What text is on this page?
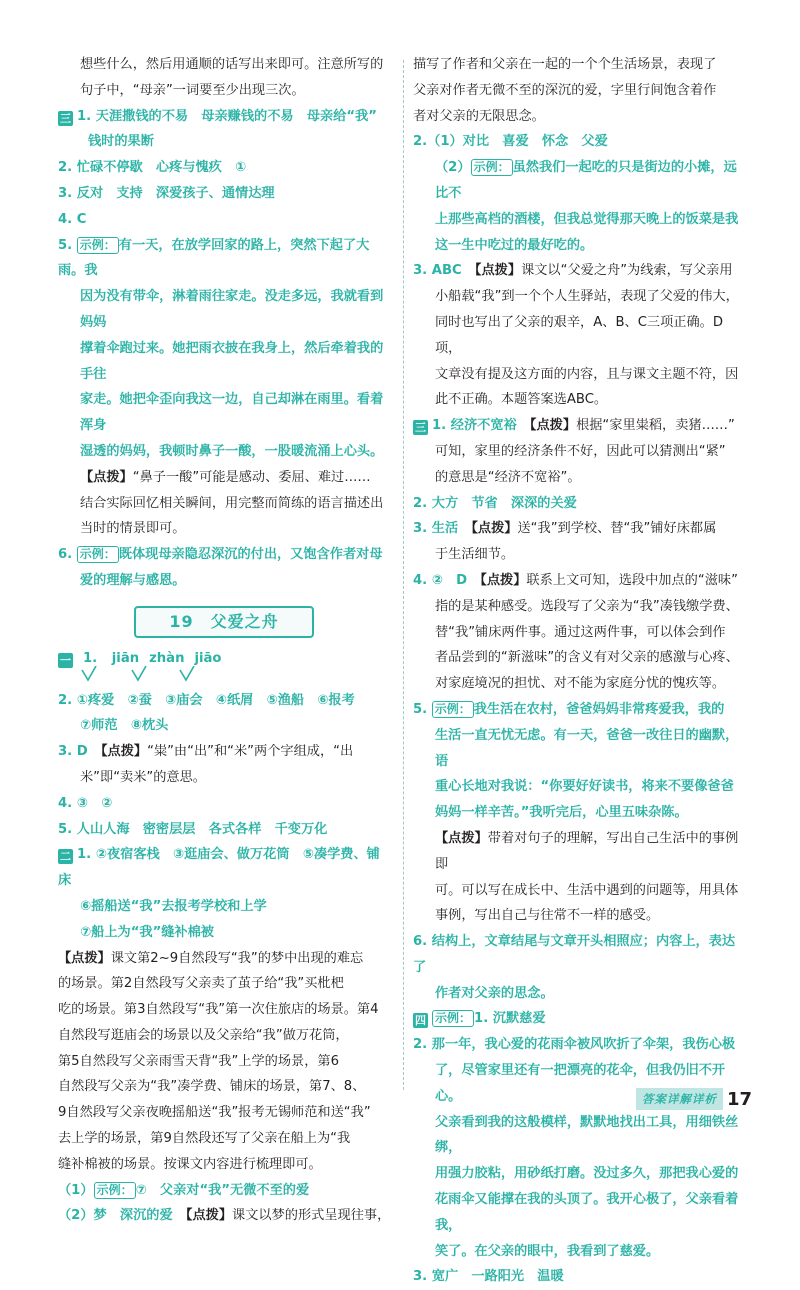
想些什么，然后用通顺的话写出来即可。注意所写的

句子中，“母亲”一词要至少出现三次。

三 1. 天涯撒钱的不易　母亲赚钱的不易　母亲给“我”

钱时的果断

2. 忙碌不停歇　心疼与愧疚　①

3. 反对　支持　深爱孩子、通情达理

4. C

5. 示例： 有一天，在放学回家的路上，突然下起了大雨。我

因为没有带伞，淋着雨往家走。没走多远，我就看到妈妈

撑着伞跑过来。她把雨衣披在我身上，然后牵着我的手往

家走。她把伞歪向我这一边，自己却淋在雨里。看着浑身

湿透的妈妈，我顿时鼻子一酸，一股暖流涌上心头。

【点拨】“鼻子一酸”可能是感动、委屈、难过……

结合实际回忆相关瞬间，用完整而简练的语言描述出

当时的情景即可。

6. 示例： 既体现母亲隐忍深沉的付出，又饱含作者对母

爱的理解与感恩。

19　父爱之舟

一 1. jiān zhàn jiāo

2. ①疼爱　②蚕　③庙会　④纸屑　⑤渔船　⑥报考

⑦师范　⑧枕头

3. D　 【点拨】“粜”由“出”和“米”两个字组成，“出

米”即“卖米”的意思。

4. ③　②

5. 人山人海　密密层层　各式各样　千变万化

二 1. ②夜宿客栈　③逛庙会、做万花筒　⑤凑学费、铺床

⑥摇船送“我”去报考学校和上学

⑦船上为“我”缝补棉被

【点拨】课文第2~9自然段写“我”的梦中出现的难忘

的场景。第2自然段写父亲卖了茧子给“我”买枇杷

吃的场景。第3自然段写“我”第一次住旅店的场景。第4

自然段写逛庙会的场景以及父亲给“我”做万花筒，

第5自然段写父亲雨雪天背“我”上学的场景，第6

自然段写父亲为“我”凑学费、铺床的场景，第7、8、

9自然段写父亲夜晚摇船送“我”报考无锡师范和送“我”

去上学的场景，第9自然段还写了父亲在船上为“我

缝补棉被的场景。按课文内容进行梳理即可。

（1） 示例： ⑦　父亲对“我”无微不至的爱

（2）梦　深沉的爱　 【点拨】课文以梦的形式呈现往事，

描写了作者和父亲在一起的一个个生活场景，表现了

父亲对作者无微不至的深沉的爱，字里行间饱含着作

者对父亲的无限思念。

2.（1）对比　喜爱　怀念　父爱

（2） 示例： 虽然我们一起吃的只是街边的小摊，远比不

上那些高档的酒楼，但我总觉得那天晚上的饭菜是我

这一生中吃过的最好吃的。

3. ABC　 【点拨】课文以“父爱之舟”为线索，写父亲用

小船载“我”到一个个人生驿站，表现了父爱的伟大，

同时也写出了父亲的艰辛，A、B、C三项正确。D项，

文章没有提及这方面的内容，且与课文主题不符，因

此不正确。本题答案选ABC。

三 1. 经济不宽裕　 【点拨】根据“家里粜稻，卖猪……”

可知，家里的经济条件不好，因此可以猜测出“紧”

的意思是“经济不宽裕”。

2. 大方　节省　深深的关爱

3. 生活　 【点拨】送“我”到学校、替“我”铺好床都属

于生活细节。

4. ②　D　 【点拨】联系上文可知，选段中加点的“滋味”

指的是某种感受。选段写了父亲为“我”凑钱缴学费、

替“我”铺床两件事。通过这两件事，可以体会到作

者品尝到的“新滋味”的含义有对父亲的感激与心疼、

对家庭境况的担忧、对不能为家庭分忧的愧疚等。

5. 示例： 我生活在农村，爸爸妈妈非常疼爱我，我的

生活一直无忧无虑。有一天，爸爸一改往日的幽默，语

重心长地对我说：“你要好好读书，将来不要像爸爸

妈妈一样辛苦。”我听完后，心里五味杂陈。

【点拨】带着对句子的理解，写出自己生活中的事例即

可。可以写在成长中、生活中遇到的问题等，用具体

事例，写出自己与往常不一样的感受。

6. 结构上，文章结尾与文章开头相照应；内容上，表达了

作者对父亲的思念。

四 示例： 1. 沉默慈爱

2. 那一年，我心爱的花雨伞被风吹折了伞架，我伤心极

了，尽管家里还有一把漂亮的花伞，但我仍旧不开心。

父亲看到我的这般模样，默默地找出工具，用细铁丝绑，

用强力胶粘，用砂纸打磨。没过多久，那把我心爱的

花雨伞又能撑在我的头顶了。我开心极了，父亲看着我，

笑了。在父亲的眼中，我看到了慈爱。

3. 宽广　一路阳光　温暖

答案详解详析 17
